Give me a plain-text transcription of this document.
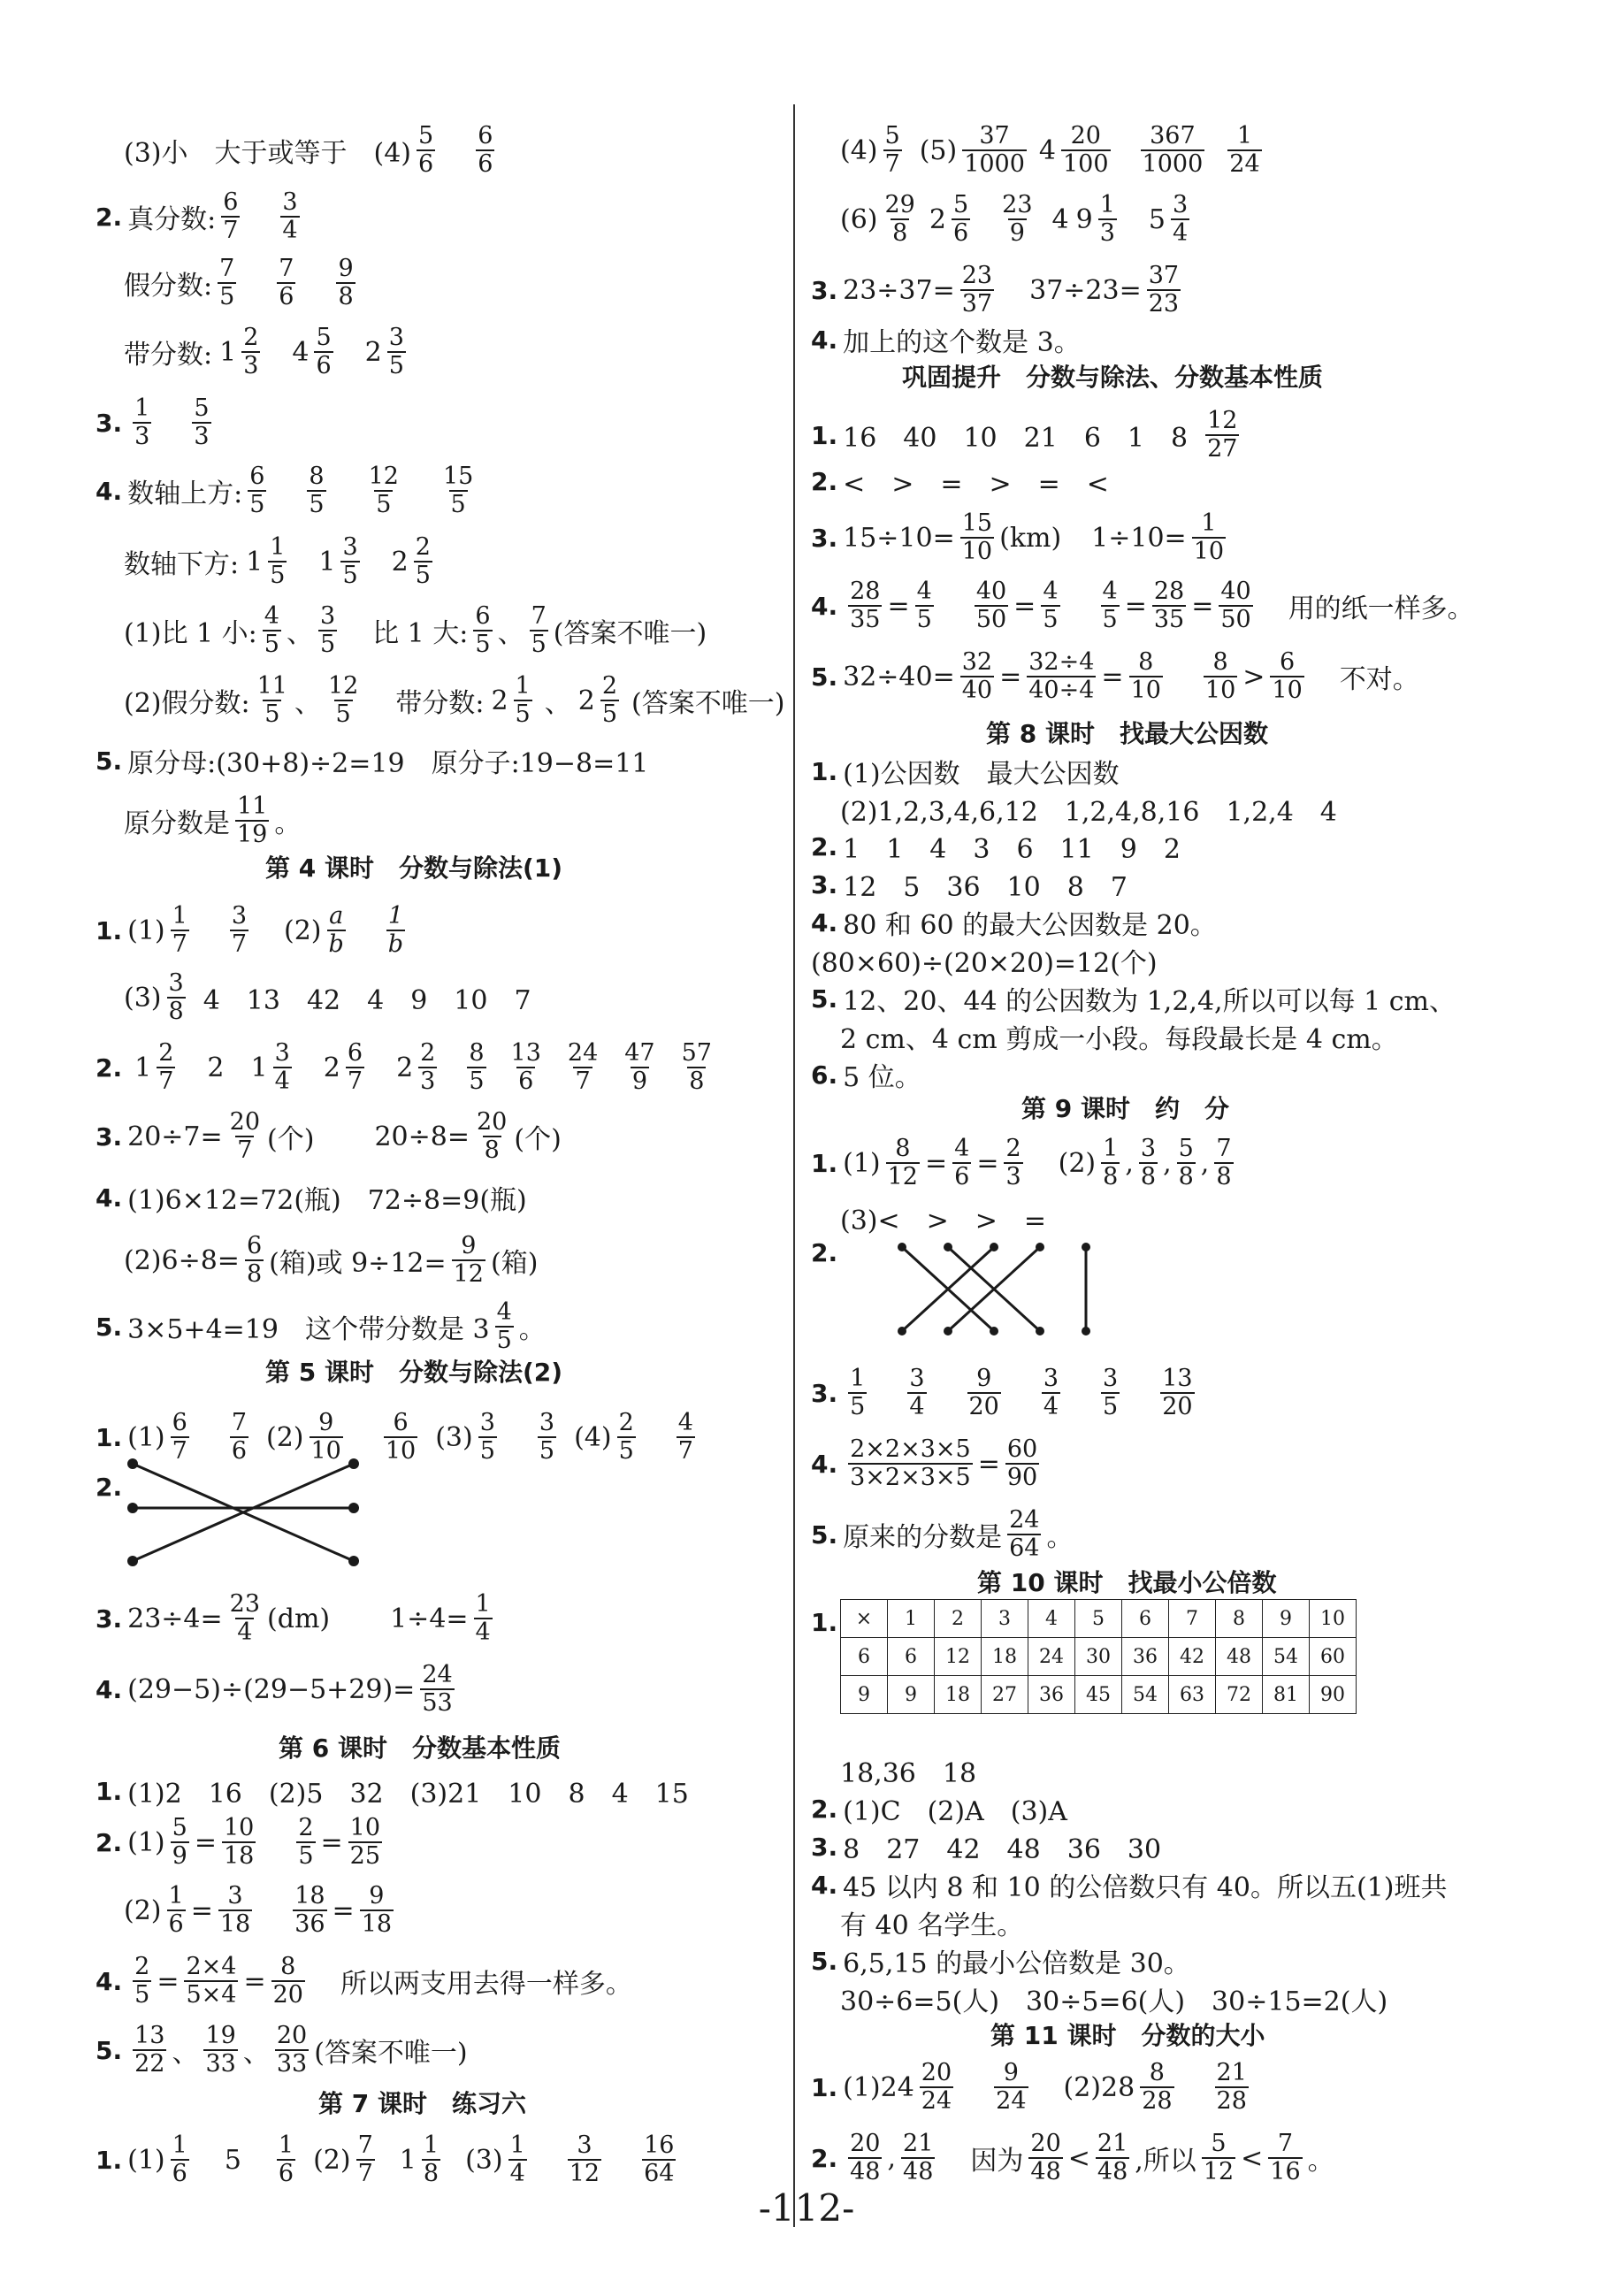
(3)小　大于或等于　$(4) \frac{5}{6} \frac{6}{6}$
2. 真分数: $\frac{6}{7} \frac{3}{4}$
假分数: $\frac{7}{5} \frac{7}{6} \frac{9}{8}$
带分数: $1 \frac{2}{3} 4 \frac{5}{6} 2 \frac{3}{5}$
3. $\frac{1}{3} \frac{5}{3}$
4. 数轴上方: $\frac{6}{5} \frac{8}{5} \frac{12}{5} \frac{15}{5}$
数轴下方: $1 \frac{1}{5} 1 \frac{3}{5} 2 \frac{2}{5}$
(1)比 1 小: $\frac{4}{5}$ 、 $\frac{3}{5}$ 比 1 大: $\frac{6}{5}$ 、 $\frac{7}{5}$ (答案不唯一)
(2)假分数: $\frac{11}{5}$ 、 $\frac{12}{5}$ 带分数: $2 \frac{1}{5}$ 、 $2 \frac{2}{5}$ (答案不唯一)
5. 原分母:(30+8)÷2=19　原分子:19−8=11
原分数是 $\frac{11}{19}$ 。
第 4 课时　分数与除法(1)
1. $(1) \frac{1}{7} \frac{3}{7} (2) \frac{a}{b} \frac{1}{b}$
$(3) \frac{3}{8} 4$　13　42　4　9　10　7
2. $1 \frac{2}{7} 2$ $1 \frac{3}{4} 2 \frac{6}{7} 2 \frac{2}{3} \frac{8}{5} \frac{13}{6} \frac{24}{7} \frac{47}{9} \frac{57}{8}$
3. $20\div 7= \frac{20}{7}$ (个) $20\div 8= \frac{20}{8}$ (个)
4. (1)6×12=72(瓶)　72÷8=9(瓶)
$(2)6\div 8= \frac{6}{8}$ (箱)或 $9\div 12= \frac{9}{12}$ (箱)
5. 3×5+4=19　这个带分数是 $3 \frac{4}{5}$ 。
第 5 课时　分数与除法(2)
1. $(1) \frac{6}{7} \frac{7}{6} (2) \frac{9}{10} \frac{6}{10} (3) \frac{3}{5} \frac{3}{5} (4) \frac{2}{5} \frac{4}{7}$
2.
3. $23\div 4= \frac{23}{4} (dm)$ $1\div 4= \frac{1}{4}$
4. $(29-5)\div(29-5+29)= \frac{24}{53}$
第 6 课时　分数基本性质
1. (1)2　16　(2)5　32　(3)21　10　8　4　15
2. $(1) \frac{5}{9} = \frac{10}{18} \frac{2}{5} = \frac{10}{25}$
$(2) \frac{1}{6} = \frac{3}{18} \frac{18}{36} = \frac{9}{18}$
4. $\frac{2}{5} = \frac{2\times 4}{5\times 4} = \frac{8}{20}$ 所以两支用去得一样多。
5. $\frac{13}{22}$ 、 $\frac{19}{33}$ 、 $\frac{20}{33}$ (答案不唯一)
第 7 课时　练习六
1. $(1) \frac{1}{6} 5 \frac{1}{6} (2) \frac{7}{7} 1 \frac{1}{8} (3) \frac{1}{4} \frac{3}{12} \frac{16}{64}$
$(4) \frac{5}{7} (5) \frac{37}{1000} 4 \frac{20}{100} \frac{367}{1000} \frac{1}{24}$
$(6) \frac{29}{8} 2 \frac{5}{6} \frac{23}{9} 4$ $9 \frac{1}{3} 5 \frac{3}{4}$
3. $23\div 37= \frac{23}{37} 37\div 23= \frac{37}{23}$
4. 加上的这个数是 3。
巩固提升　分数与除法、分数基本性质
1. 16　40　10　21　6　1　$8 \frac{12}{27}$
2. <　>　=　>　=　<
3. $15\div 10= \frac{15}{10} (km)$ $1\div 10= \frac{1}{10}$
4. $\frac{28}{35} = \frac{4}{5} \frac{40}{50} = \frac{4}{5} \frac{4}{5} = \frac{28}{35} = \frac{40}{50}$ 用的纸一样多。
5. $32\div 40= \frac{32}{40} = \frac{32\div 4}{40\div 4} = \frac{8}{10} \frac{8}{10} > \frac{6}{10}$ 不对。
第 8 课时　找最大公因数
1. (1)公因数　最大公因数
(2)1,2,3,4,6,12　1,2,4,8,16　1,2,4　4
2. 1　1　4　3　6　11　9　2
3. 12　5　36　10　8　7
4. 80 和 60 的最大公因数是 20。
(80×60)÷(20×20)=12(个)
5. 12、20、44 的公因数为 1,2,4,所以可以每 1 cm、
2 cm、4 cm 剪成一小段。每段最长是 4 cm。
6. 5 位。
第 9 课时　约　分
1. $(1) \frac{8}{12} = \frac{4}{6} = \frac{2}{3} (2) \frac{1}{8}$ , $\frac{3}{8}$ , $\frac{5}{8}$ , $\frac{7}{8}$
(3)<　>　>　=
2.
3. $\frac{1}{5} \frac{3}{4} \frac{9}{20} \frac{3}{4} \frac{3}{5} \frac{13}{20}$
4. $\frac{2\times 2\times 3\times 5}{3\times 2\times 3\times 5} = \frac{60}{90}$
5. 原来的分数是 $\frac{24}{64}$ 。
第 10 课时　找最小公倍数
1.
18,36　18
2. (1)C　(2)A　(3)A
3. 8　27　42　48　36　30
4. 45 以内 8 和 10 的公倍数只有 40。所以五(1)班共
有 40 名学生。
5. 6,5,15 的最小公倍数是 30。
30÷6=5(人)　30÷5=6(人)　30÷15=2(人)
第 11 课时　分数的大小
1. $(1)24 \frac{20}{24} \frac{9}{24} (2)28 \frac{8}{28} \frac{21}{28}$
2. $\frac{20}{48}$ , $\frac{21}{48}$ 因为 $\frac{20}{48} < \frac{21}{48}$ ,所以 $\frac{5}{12} < \frac{7}{16}$ 。
×	1	2	3	4	5	6	7	8	9	10
6	6	12	18	24	30	36	42	48	54	60
9	9	18	27	36	45	54	63	72	81	90
-112-
